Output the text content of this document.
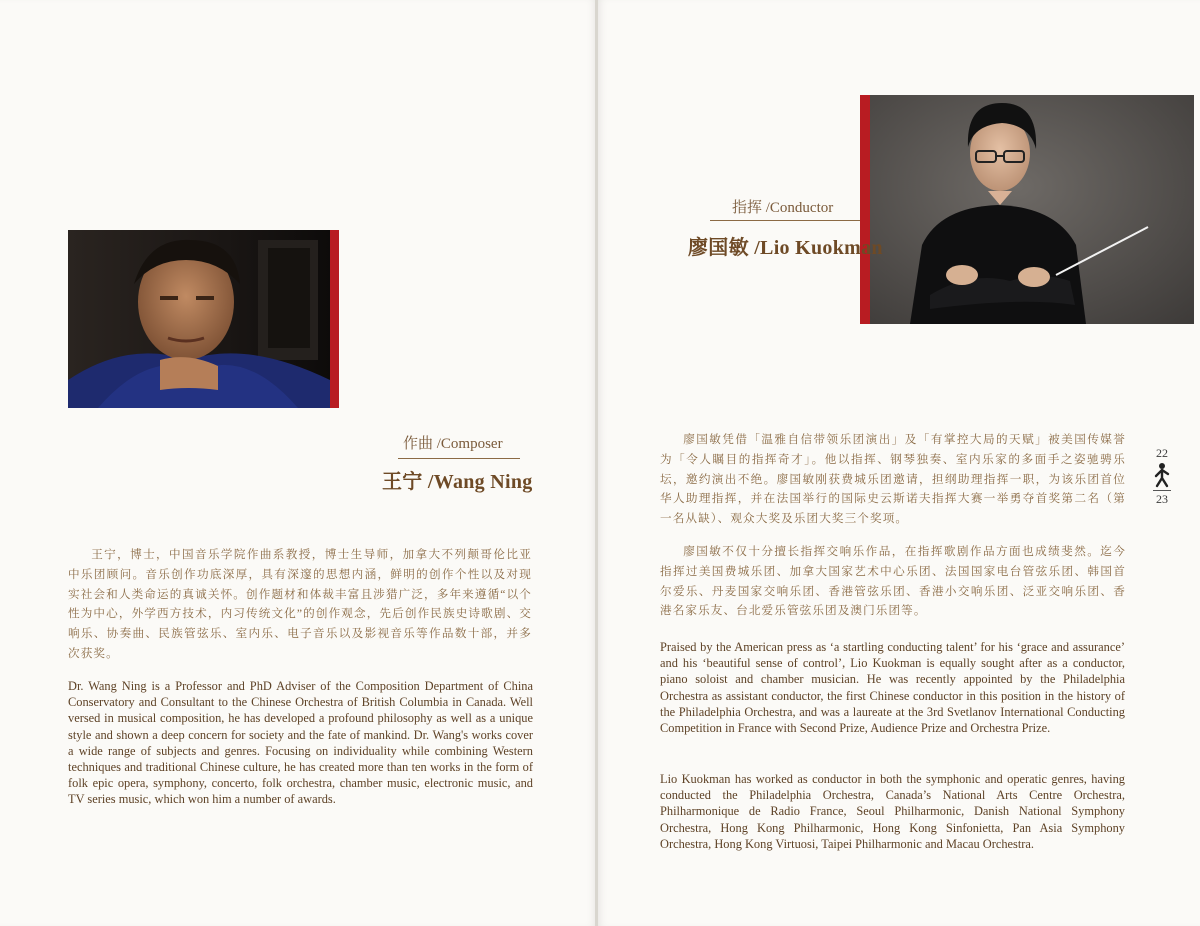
作曲 /Composer
王宁 /Wang Ning

王宁，博士，中国音乐学院作曲系教授，博士生导师，加拿大不列颠哥伦比亚中乐团顾问。音乐创作功底深厚，具有深邃的思想内涵，鲜明的创作个性以及对现实社会和人类命运的真诚关怀。创作题材和体裁丰富且涉猎广泛，多年来遵循“以个性为中心，外学西方技术，内习传统文化”的创作观念，先后创作民族史诗歌剧、交响乐、协奏曲、民族管弦乐、室内乐、电子音乐以及影视音乐等作品数十部，并多次获奖。

Dr. Wang Ning is a Professor and PhD Adviser of the Composition Department of China Conservatory and Consultant to the Chinese Orchestra of British Columbia in Canada. Well versed in musical composition, he has developed a profound philosophy as well as a unique style and shown a deep concern for society and the fate of mankind. Dr. Wang's works cover a wide range of subjects and genres. Focusing on individuality while combining Western techniques and traditional Chinese culture, he has created more than ten works in the form of folk epic opera, symphony, concerto, folk orchestra, chamber music, electronic music, and TV series music, which won him a number of awards.

指挥 /Conductor
廖国敏 /Lio Kuokman

廖国敏凭借「温雅自信带领乐团演出」及「有掌控大局的天赋」被美国传媒誉为「令人瞩目的指挥奇才」。他以指挥、钢琴独奏、室内乐家的多面手之姿驰骋乐坛，邀约演出不绝。廖国敏刚获费城乐团邀请，担纲助理指挥一职，为该乐团首位华人助理指挥，并在法国举行的国际史云斯诺夫指挥大赛一举勇夺首奖第二名（第一名从缺）、观众大奖及乐团大奖三个奖项。

廖国敏不仅十分擅长指挥交响乐作品，在指挥歌剧作品方面也成绩斐然。迄今指挥过美国费城乐团、加拿大国家艺术中心乐团、法国国家电台管弦乐团、韩国首尔爱乐、丹麦国家交响乐团、香港管弦乐团、香港小交响乐团、泛亚交响乐团、香港名家乐友、台北爱乐管弦乐团及澳门乐团等。

Praised by the American press as ‘a startling conducting talent’ for his ‘grace and assurance’ and his ‘beautiful sense of control’, Lio Kuokman is equally sought after as a conductor, piano soloist and chamber musician. He was recently appointed by the Philadelphia Orchestra as assistant conductor, the first Chinese conductor in this position in the history of the Philadelphia Orchestra, and was a laureate at the 3rd Svetlanov International Conducting Competition in France with Second Prize, Audience Prize and Orchestra Prize.

Lio Kuokman has worked as conductor in both the symphonic and operatic genres, having conducted the Philadelphia Orchestra, Canada’s National Arts Centre Orchestra, Philharmonique de Radio France, Seoul Philharmonic, Danish National Symphony Orchestra, Hong Kong Philharmonic, Hong Kong Sinfonietta, Pan Asia Symphony Orchestra, Hong Kong Virtuosi, Taipei Philharmonic and Macau Orchestra.

22
23
